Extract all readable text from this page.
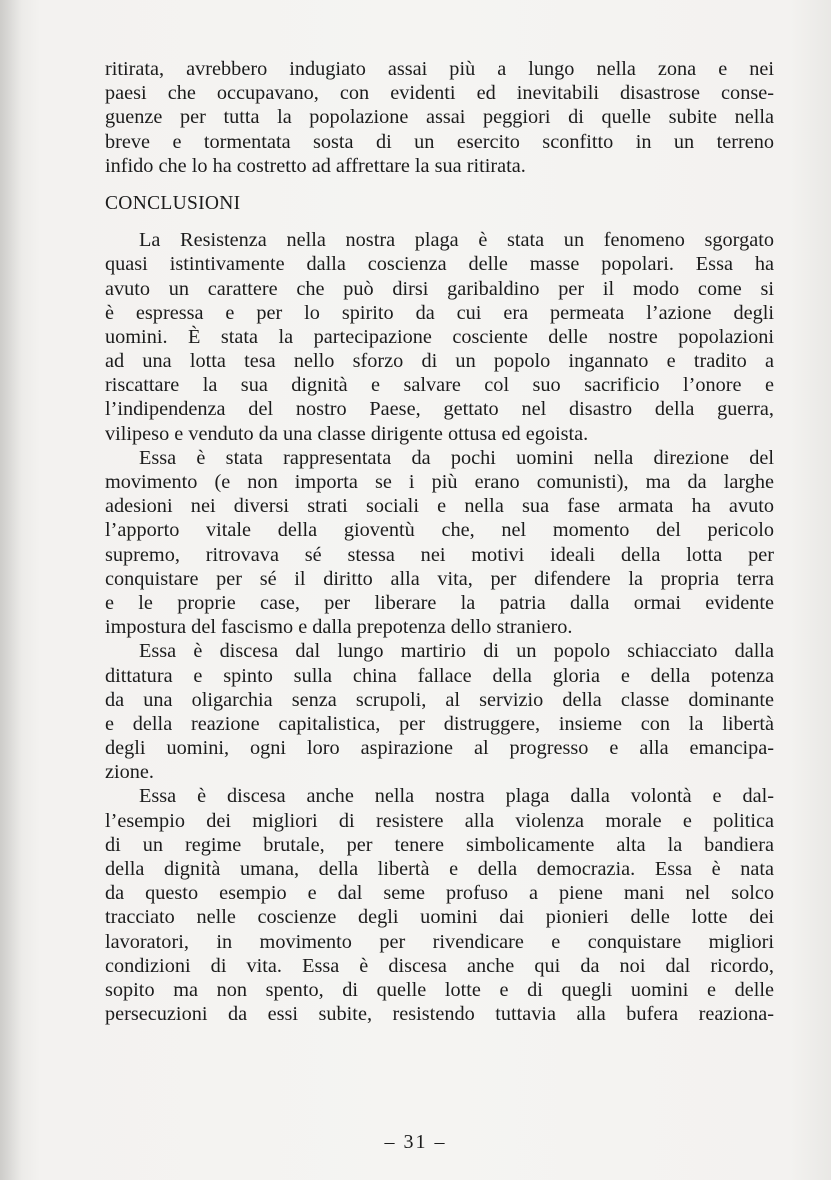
ritirata, avrebbero indugiato assai più a lungo nella zona e nei
paesi che occupavano, con evidenti ed inevitabili disastrose conse-
guenze per tutta la popolazione assai peggiori di quelle subite nella
breve e tormentata sosta di un esercito sconfitto in un terreno
infido che lo ha costretto ad affrettare la sua ritirata.
CONCLUSIONI
La Resistenza nella nostra plaga è stata un fenomeno sgorgato
quasi istintivamente dalla coscienza delle masse popolari. Essa ha
avuto un carattere che può dirsi garibaldino per il modo come si
è espressa e per lo spirito da cui era permeata l’azione degli
uomini. È stata la partecipazione cosciente delle nostre popolazioni
ad una lotta tesa nello sforzo di un popolo ingannato e tradito a
riscattare la sua dignità e salvare col suo sacrificio l’onore e
l’indipendenza del nostro Paese, gettato nel disastro della guerra,
vilipeso e venduto da una classe dirigente ottusa ed egoista.
Essa è stata rappresentata da pochi uomini nella direzione del
movimento (e non importa se i più erano comunisti), ma da larghe
adesioni nei diversi strati sociali e nella sua fase armata ha avuto
l’apporto vitale della gioventù che, nel momento del pericolo
supremo, ritrovava sé stessa nei motivi ideali della lotta per
conquistare per sé il diritto alla vita, per difendere la propria terra
e le proprie case, per liberare la patria dalla ormai evidente
impostura del fascismo e dalla prepotenza dello straniero.
Essa è discesa dal lungo martirio di un popolo schiacciato dalla
dittatura e spinto sulla china fallace della gloria e della potenza
da una oligarchia senza scrupoli, al servizio della classe dominante
e della reazione capitalistica, per distruggere, insieme con la libertà
degli uomini, ogni loro aspirazione al progresso e alla emancipa-
zione.
Essa è discesa anche nella nostra plaga dalla volontà e dal-
l’esempio dei migliori di resistere alla violenza morale e politica
di un regime brutale, per tenere simbolicamente alta la bandiera
della dignità umana, della libertà e della democrazia. Essa è nata
da questo esempio e dal seme profuso a piene mani nel solco
tracciato nelle coscienze degli uomini dai pionieri delle lotte dei
lavoratori, in movimento per rivendicare e conquistare migliori
condizioni di vita. Essa è discesa anche qui da noi dal ricordo,
sopito ma non spento, di quelle lotte e di quegli uomini e delle
persecuzioni da essi subite, resistendo tuttavia alla bufera reaziona-
– 31 –
